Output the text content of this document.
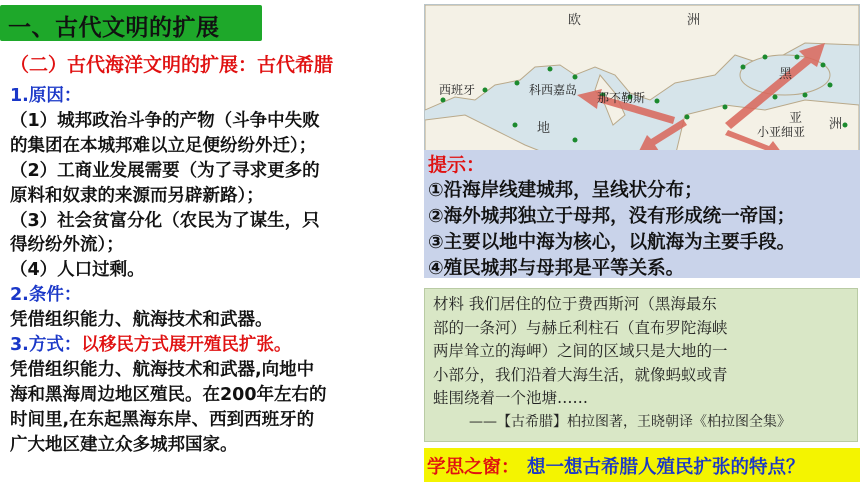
一、古代文明的扩展
（二）古代海洋文明的扩展：古代希腊
1.原因：
（1）城邦政治斗争的产物（斗争中失败
的集团在本城邦难以立足便纷纷外迁）；
（2）工商业发展需要（为了寻求更多的
原料和奴隶的来源而另辟新路）；
（3）社会贫富分化（农民为了谋生，只
得纷纷外流）；
（4）人口过剩。
2.条件：
凭借组织能力、航海技术和武器。
3.方式：以移民方式展开殖民扩张。
凭借组织能力、航海技术和武器,向地中
海和黑海周边地区殖民。在200年左右的
时间里,在东起黑海东岸、西到西班牙的
广大地区建立众多城邦国家。
欧	洲
西班牙	科西嘉岛
那不勒斯
黑
亚 洲
小亚细亚
地
提示：
①沿海岸线建城邦，呈线状分布；
②海外城邦独立于母邦，没有形成统一帝国；
③主要以地中海为核心，以航海为主要手段。
④殖民城邦与母邦是平等关系。
材料 我们居住的位于费西斯河（黑海最东
部的一条河）与赫丘利柱石（直布罗陀海峡
两岸耸立的海岬）之间的区域只是大地的一
小部分，我们沿着大海生活，就像蚂蚁或青
蛙围绕着一个池塘……
——【古希腊】柏拉图著，王晓朝译《柏拉图全集》
学思之窗： 想一想古希腊人殖民扩张的特点？
